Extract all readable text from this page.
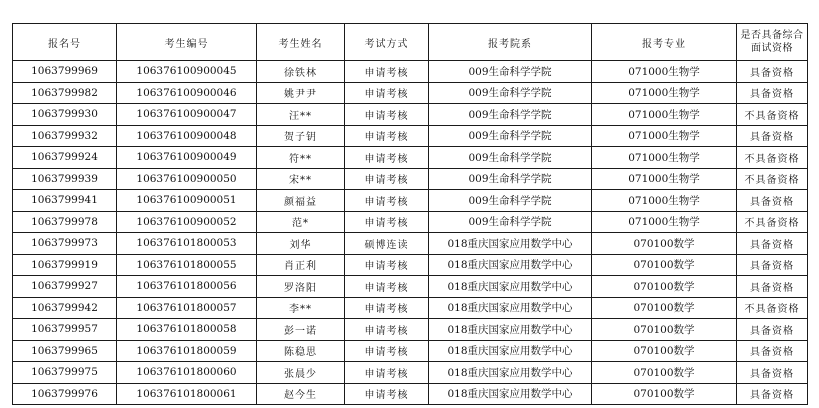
报名号	考生编号	考生姓名	考试方式	报考院系	报考专业	是否具备综合面试资格
1063799969	106376100900045	徐铁林	申请考核	009生命科学学院	071000生物学	具备资格
1063799982	106376100900046	姚尹尹	申请考核	009生命科学学院	071000生物学	具备资格
1063799930	106376100900047	汪**	申请考核	009生命科学学院	071000生物学	不具备资格
1063799932	106376100900048	贺子钥	申请考核	009生命科学学院	071000生物学	具备资格
1063799924	106376100900049	符**	申请考核	009生命科学学院	071000生物学	不具备资格
1063799939	106376100900050	宋**	申请考核	009生命科学学院	071000生物学	不具备资格
1063799941	106376100900051	颜福益	申请考核	009生命科学学院	071000生物学	具备资格
1063799978	106376100900052	范*	申请考核	009生命科学学院	071000生物学	不具备资格
1063799973	106376101800053	刘华	硕博连读	018重庆国家应用数学中心	070100数学	具备资格
1063799919	106376101800055	肖正利	申请考核	018重庆国家应用数学中心	070100数学	具备资格
1063799927	106376101800056	罗洛阳	申请考核	018重庆国家应用数学中心	070100数学	具备资格
1063799942	106376101800057	李**	申请考核	018重庆国家应用数学中心	070100数学	不具备资格
1063799957	106376101800058	彭一诺	申请考核	018重庆国家应用数学中心	070100数学	具备资格
1063799965	106376101800059	陈稳思	申请考核	018重庆国家应用数学中心	070100数学	具备资格
1063799975	106376101800060	张晨少	申请考核	018重庆国家应用数学中心	070100数学	具备资格
1063799976	106376101800061	赵今生	申请考核	018重庆国家应用数学中心	070100数学	具备资格
